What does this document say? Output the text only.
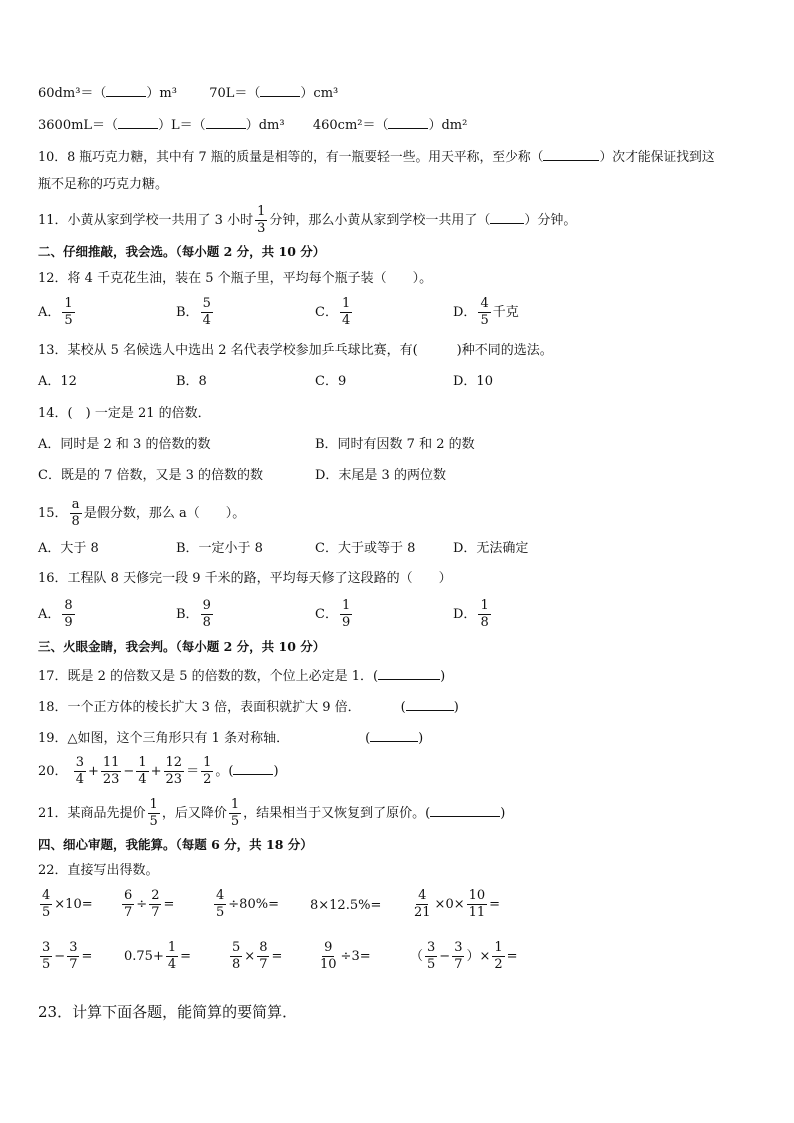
60dm³＝（	）m³ 70L＝（	）cm³
3600mL＝（	）L＝（	）dm³ 460cm²＝（	）dm²
10．8 瓶巧克力糖，其中有 7 瓶的质量是相等的，有一瓶要轻一些。用天平称，至少称（	）次才能保证找到这
瓶不足称的巧克力糖。
11．小黄从家到学校一共用了 3 小时 $\frac{1}{3}$ 分钟，那么小黄从家到学校一共用了（	）分钟。
二、仔细推敲，我会选。（每小题 2 分，共 10 分）
12．将 4 千克花生油，装在 5 个瓶子里，平均每个瓶子装（　　）。
A． $\frac{1}{5}$	B． $\frac{5}{4}$	C． $\frac{1}{4}$	D． $\frac{4}{5}$ 千克
13．某校从 5 名候选人中选出 2 名代表学校参加乒乓球比赛，有(　　　)种不同的选法。
A．12	B．8	C．9	D．10
14．(　) 一定是 21 的倍数．
A．同时是 2 和 3 的倍数的数	B．同时有因数 7 和 2 的数
C．既是的 7 倍数，又是 3 的倍数的数	D．末尾是 3 的两位数
15． $\frac{a}{8}$ 是假分数，那么 a（　　）。
A．大于 8	B．一定小于 8	C．大于或等于 8	D．无法确定
16．工程队 8 天修完一段 9 千米的路，平均每天修了这段路的（　　）
A． $\frac{8}{9}$	B． $\frac{9}{8}$	C． $\frac{1}{9}$	D． $\frac{1}{8}$
三、火眼金睛，我会判。（每小题 2 分，共 10 分）
17．既是 2 的倍数又是 5 的倍数的数，个位上必定是 1．(	)
18．一个正方体的棱长扩大 3 倍，表面积就扩大 9 倍．	(	)
19．△如图，这个三角形只有 1 条对称轴．	(	)
20． $\frac{3}{4} + \frac{11}{23} - \frac{1}{4} + \frac{12}{23} = \frac{1}{2}$ 。(	)
21．某商品先提价 $\frac{1}{5}$ ，后又降价 $\frac{1}{5}$ ，结果相当于又恢复到了原价。(	)
四、细心审题，我能算。（每题 6 分，共 18 分）
22．直接写出得数。
$\frac{4}{5} \times 10= \frac{6}{7} \div \frac{2}{7}$ =	$\frac{4}{5} \div 80\%= 8\times 12.5\%= \frac{4}{21} \times 0\times \frac{10}{11}$ =
$\frac{3}{5} - \frac{3}{7} = 0.75+ \frac{1}{4}$ =	$\frac{5}{8} \times \frac{8}{7}$ =	$\frac{9}{10} \div 3=$	（ $\frac{3}{5} - \frac{3}{7}$ ）× $\frac{1}{2}$ =
23．计算下面各题，能简算的要简算．
